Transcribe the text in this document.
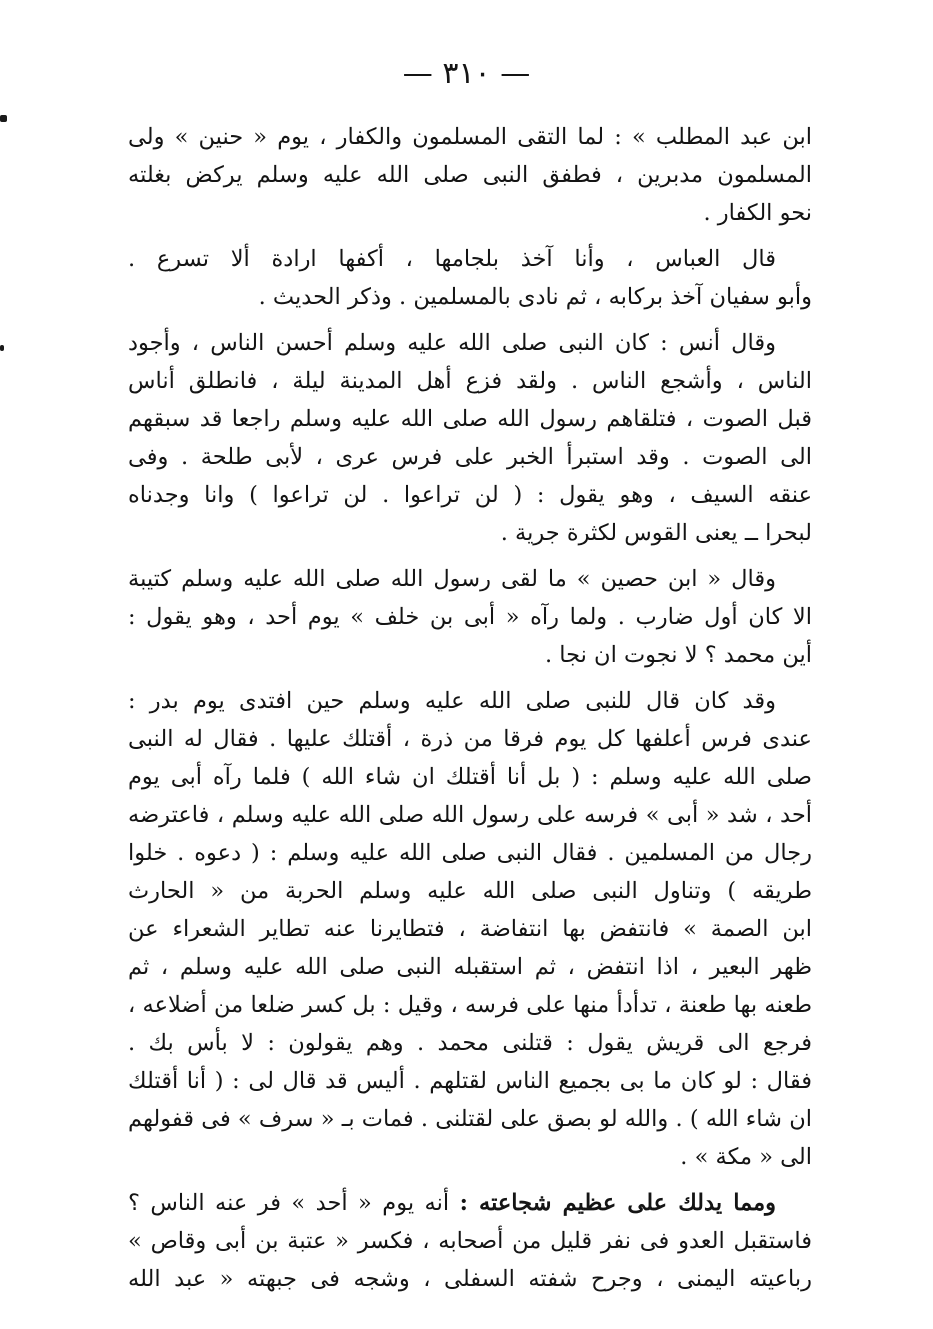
— ٣١٠ —
ابن عبد المطلب » : لما التقى المسلمون والكفار ، يوم « حنين » ولى
المسلمون مدبرين ، فطفق النبى صلى الله عليه وسلم يركض بغلته
نحو الكفار .
قال العباس ، وأنا آخذ بلجامها ، أكفها ارادة ألا تسرع .
وأبو سفيان آخذ بركابه ، ثم نادى بالمسلمين . وذكر الحديث .
وقال أنس : كان النبى صلى الله عليه وسلم أحسن الناس ، وأجود
الناس ، وأشجع الناس . ولقد فزع أهل المدينة ليلة ، فانطلق أناس
قبل الصوت ، فتلقاهم رسول الله صلى الله عليه وسلم راجعا قد سبقهم
الى الصوت . وقد استبرأ الخبر على فرس عرى ، لأبى طلحة . وفى
عنقه السيف ، وهو يقول : ( لن تراعوا . لن تراعوا ) وانا وجدناه
لبحرا ــ يعنى القوس لكثرة جرية .
وقال « ابن حصين » ما لقى رسول الله صلى الله عليه وسلم كتيبة
الا كان أول ضارب . ولما رآه « أبى بن خلف » يوم أحد ، وهو يقول :
أين محمد ؟ لا نجوت ان نجا .
وقد كان قال للنبى صلى الله عليه وسلم حين افتدى يوم بدر :
عندى فرس أعلفها كل يوم فرقا من ذرة ، أقتلك عليها . فقال له النبى
صلى الله عليه وسلم : ( بل أنا أقتلك ان شاء الله ) فلما رآه أبى يوم
أحد ، شد « أبى » فرسه على رسول الله صلى الله عليه وسلم ، فاعترضه
رجال من المسلمين . فقال النبى صلى الله عليه وسلم : ( دعوه . خلوا
طريقه ) وتناول النبى صلى الله عليه وسلم الحربة من « الحارث
ابن الصمة » فانتفض بها انتفاضة ، فتطايرنا عنه تطاير الشعراء عن
ظهر البعير ، اذا انتفض ، ثم استقبله النبى صلى الله عليه وسلم ، ثم
طعنه بها طعنة ، تدأدأ منها على فرسه ، وقيل : بل كسر ضلعا من أضلاعه ،
فرجع الى قريش يقول : قتلنى محمد . وهم يقولون : لا بأس بك .
فقال : لو كان ما بى بجميع الناس لقتلهم . أليس قد قال لى : ( أنا أقتلك
ان شاء الله ) . والله لو بصق على لقتلنى . فمات بـ « سرف » فى قفولهم
الى « مكة » .
ومما يدلك على عظيم شجاعته : أنه يوم « أحد » فر عنه الناس ؟
فاستقبل العدو فى نفر قليل من أصحابه ، فكسر « عتبة بن أبى وقاص »
رباعيته اليمنى ، وجرح شفته السفلى ، وشجه فى جبهته « عبد الله
